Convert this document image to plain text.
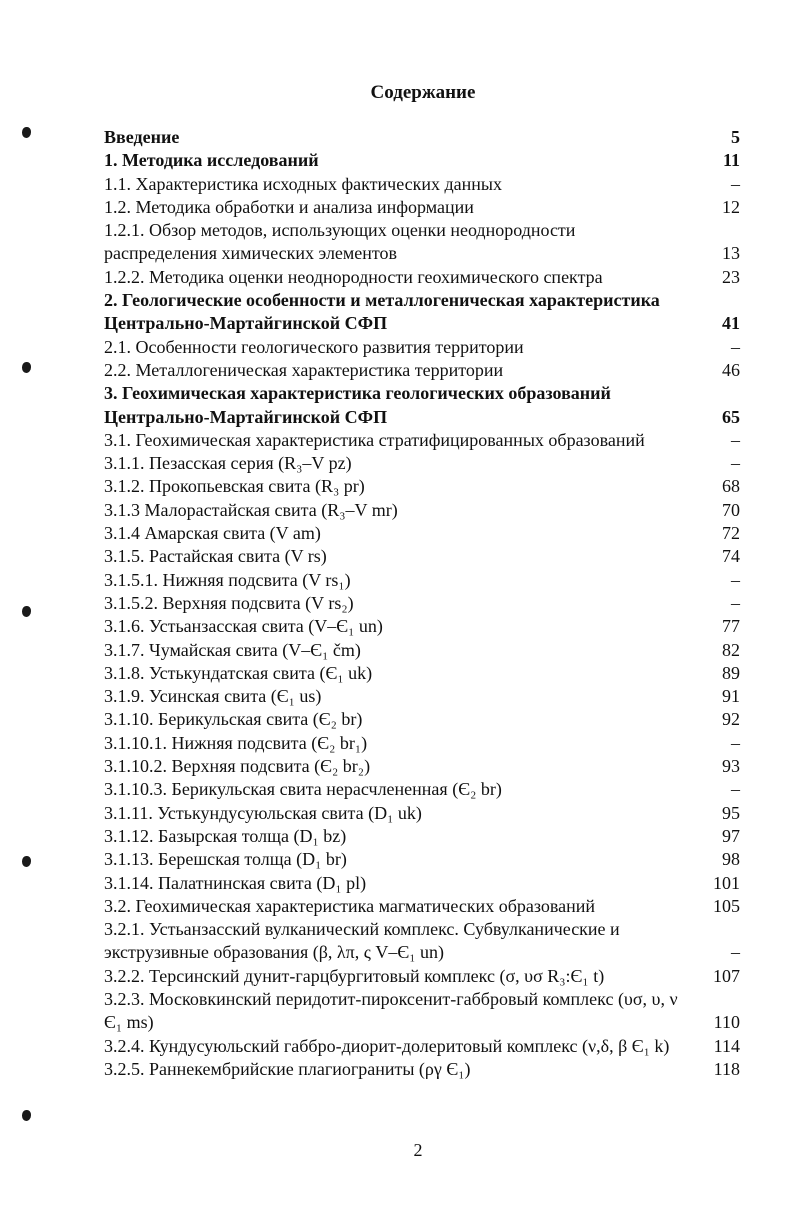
Содержание
Введение	5
1. Методика исследований	11
1.1. Характеристика исходных фактических данных	–
1.2. Методика обработки и анализа информации	12
1.2.1. Обзор методов, использующих оценки неоднородности распределения химических элементов	13
1.2.2. Методика оценки неоднородности геохимического спектра	23
2. Геологические особенности и металлогеническая характеристика Центрально-Мартайгинской СФП	41
2.1. Особенности геологического развития территории	–
2.2. Металлогеническая характеристика территории	46
3. Геохимическая характеристика геологических образований Центрально-Мартайгинской СФП	65
3.1. Геохимическая характеристика стратифицированных образований	–
3.1.1. Пезасская серия (R₃–V pz)	–
3.1.2. Прокопьевская свита (R₃ pr)	68
3.1.3 Малорастайская свита (R₃–V mr)	70
3.1.4 Амарская свита (V am)	72
3.1.5. Растайская свита (V rs)	74
3.1.5.1. Нижняя подсвита (V rs₁)	–
3.1.5.2. Верхняя подсвита (V rs₂)	–
3.1.6. Устьанзасская свита (V–Є₁ un)	77
3.1.7. Чумайская свита (V–Є₁ čm)	82
3.1.8. Устькундатская свита (Є₁ uk)	89
3.1.9. Усинская свита (Є₁ us)	91
3.1.10. Берикульская свита (Є₂ br)	92
3.1.10.1. Нижняя подсвита (Є₂ br₁)	–
3.1.10.2. Верхняя подсвита (Є₂ br₂)	93
3.1.10.3. Берикульская свита нерасчлененная (Є₂ br)	–
3.1.11. Устькундусуюльская свита (D₁ uk)	95
3.1.12. Базырская толща (D₁ bz)	97
3.1.13. Берешская толща (D₁ br)	98
3.1.14. Палатнинская свита (D₁ pl)	101
3.2. Геохимическая характеристика магматических образований	105
3.2.1. Устьанзасский вулканический комплекс. Субвулканические и экструзивные образования (β, λπ, ς V–Є₁ un)	–
3.2.2. Терсинский дунит-гарцбургитовый комплекс (σ, υσ R₃:Є₁ t)	107
3.2.3. Московкинский перидотит-пироксенит-габбровый комплекс (υσ, υ, ν Є₁ ms)	110
3.2.4. Кундусуюльский габбро-диорит-долеритовый комплекс (ν,δ, β Є₁ k)	114
3.2.5. Раннекембрийские плагиограниты (ργ Є₁)	118
2
